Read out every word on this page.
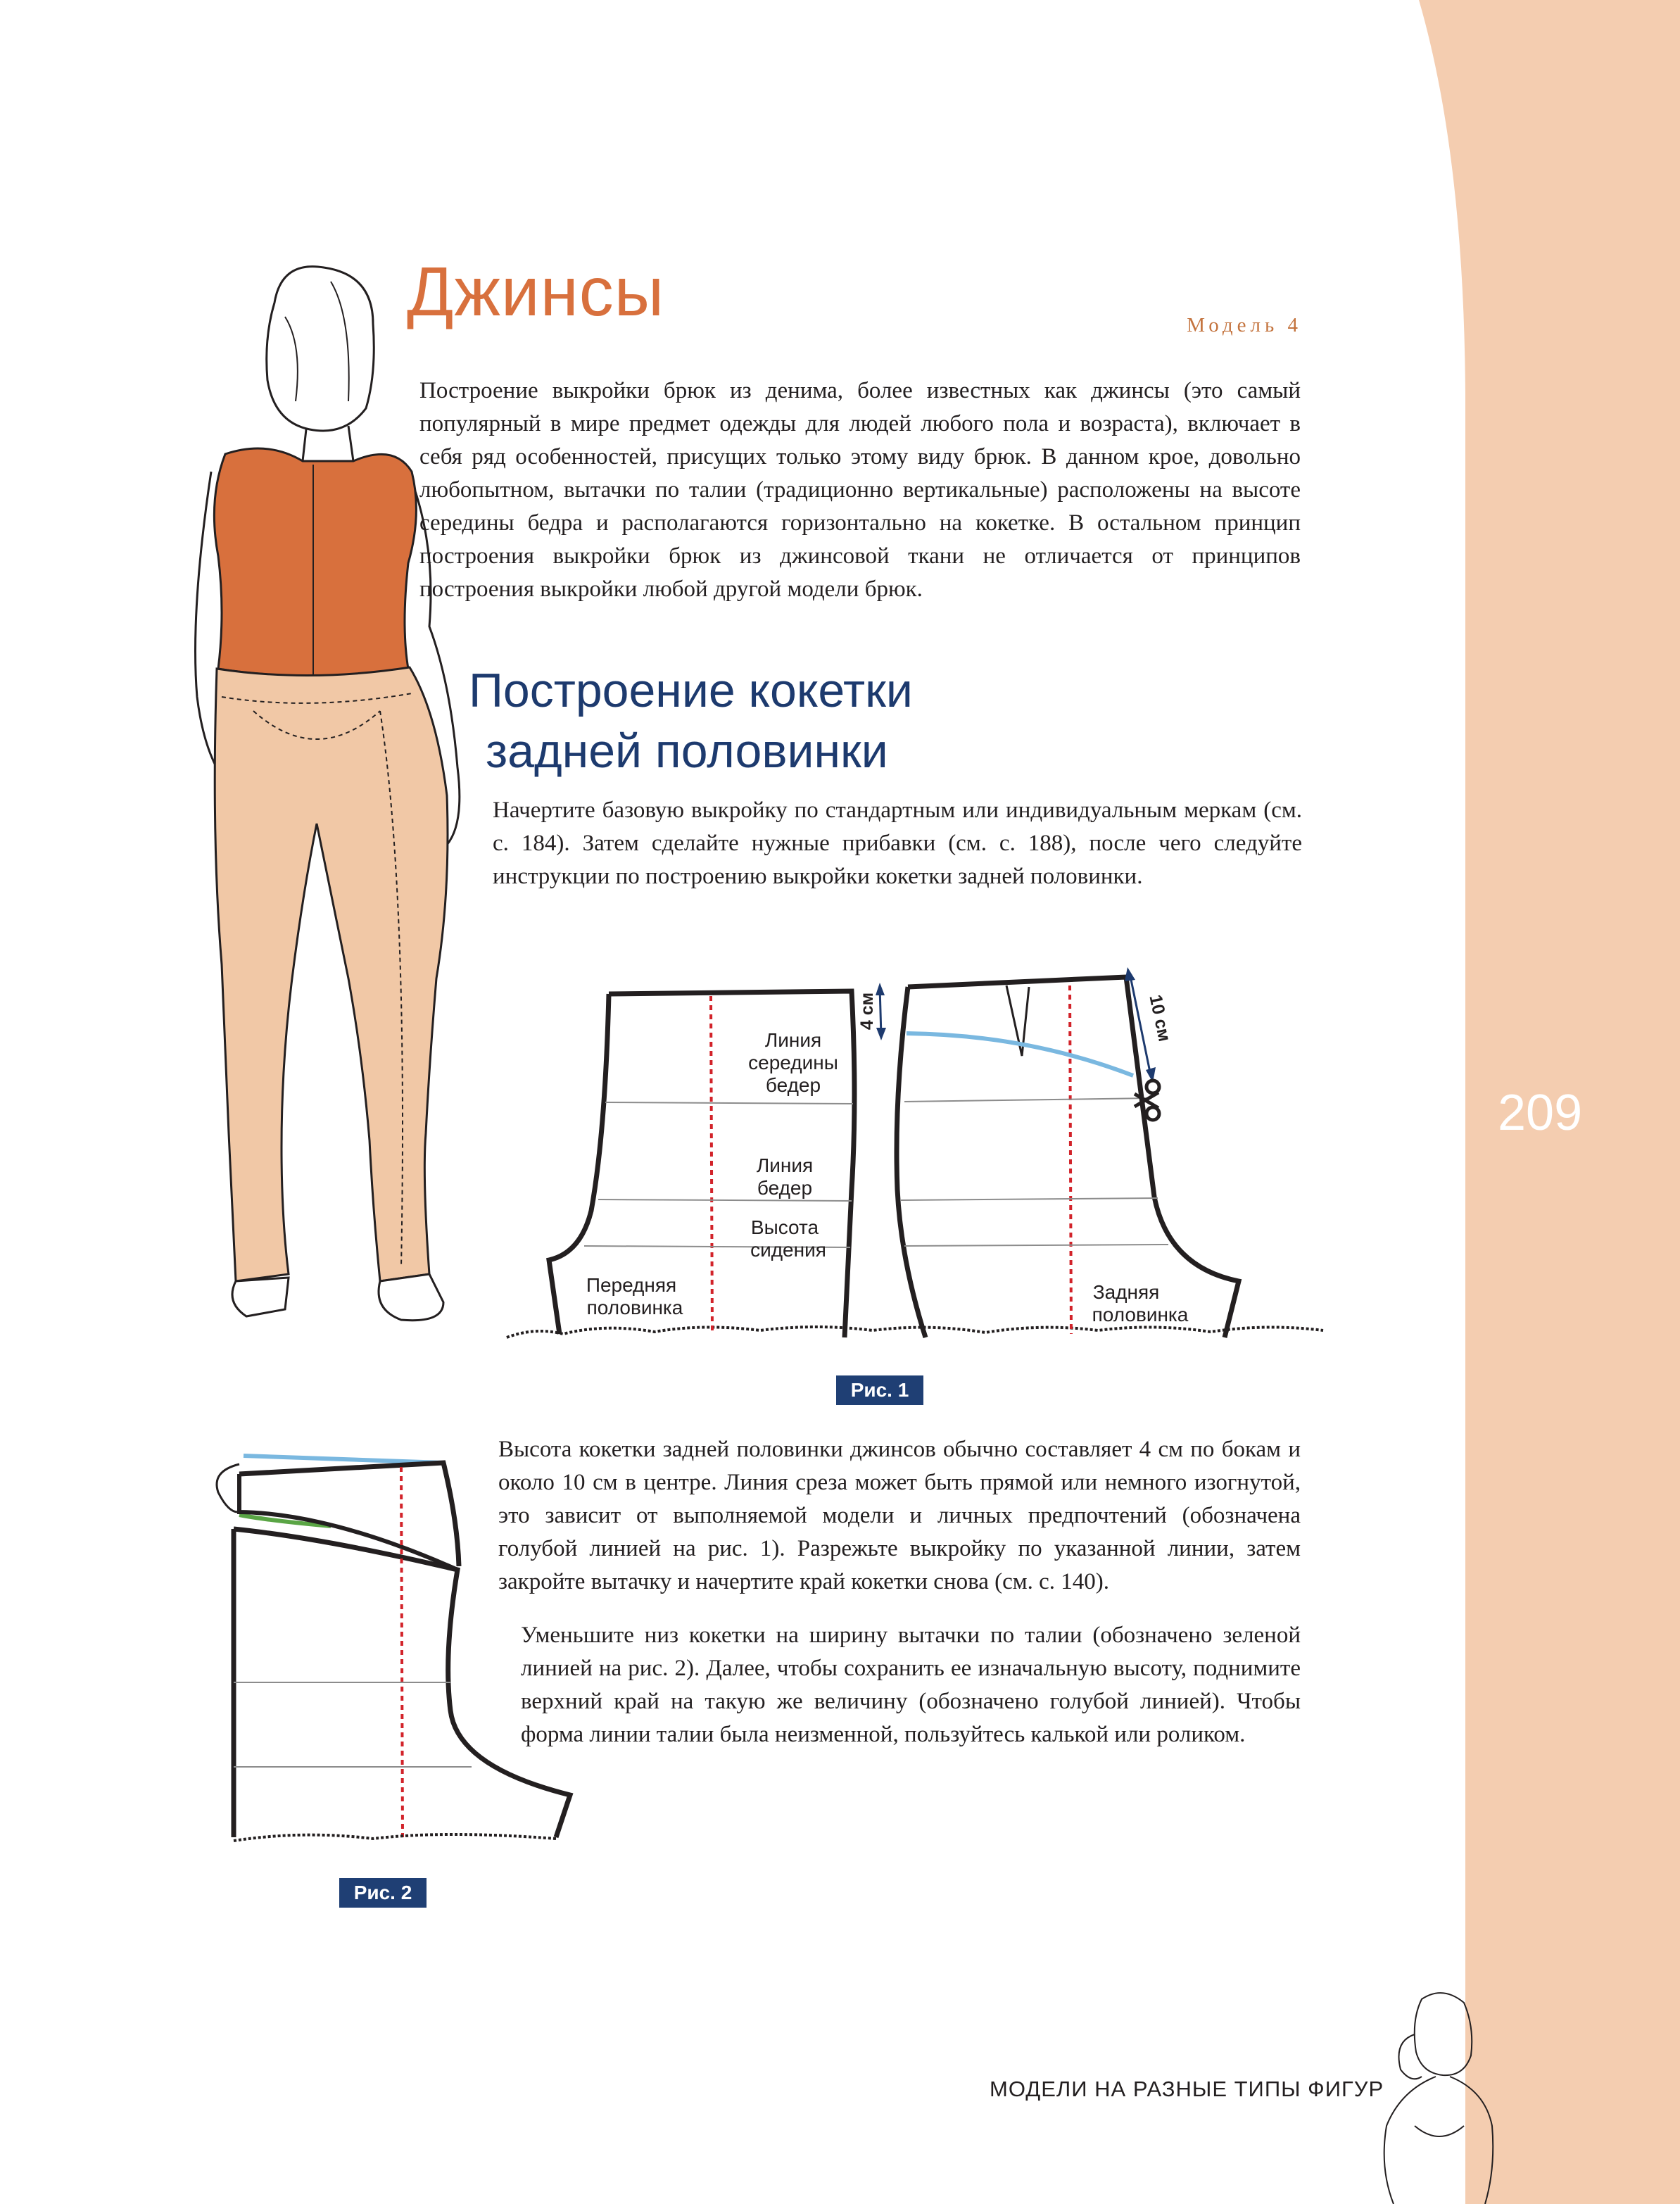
Джинсы	Модель 4
Построение выкройки брюк из денима, более известных как джинсы (это самый популярный в мире предмет одежды для людей любого пола и возраста), включает в себя ряд особенностей, присущих только этому виду брюк. В данном крое, довольно любопытном, вытачки по талии (традиционно вертикальные) расположены на высоте середины бедра и располагаются горизонтально на кокетке. В остальном принцип построения выкройки брюк из джинсовой ткани не отличается от принципов построения выкройки любой другой модели брюк.
Построение кокетки
задней половинки
Начертите базовую выкройку по стандартным или индивидуальным меркам (см. с. 184). Затем сделайте нужные прибавки (см. с. 188), после чего следуйте инструкции по построению выкройки кокетки задней половинки.
Линия
середины
бедер
Линия
бедер
Высота
сидения
Передняя
половинка
Задняя
половинка
4 см	10 см
Рис. 1
Рис. 2
Высота кокетки задней половинки джинсов обычно составляет 4 см по бокам и около 10 см в центре. Линия среза может быть прямой или немного изогнутой, это зависит от выполняемой модели и личных предпочтений (обозначена голубой линией на рис. 1). Разрежьте выкройку по указанной линии, затем закройте вытачку и начертите край кокетки снова (см. с. 140).
Уменьшите низ кокетки на ширину вытачки по талии (обозначено зеленой линией на рис. 2). Далее, чтобы сохранить ее изначальную высоту, поднимите верхний край на такую же величину (обозначено голубой линией). Чтобы форма линии талии была неизменной, пользуйтесь калькой или роликом.
209
МОДЕЛИ НА РАЗНЫЕ ТИПЫ ФИГУР
